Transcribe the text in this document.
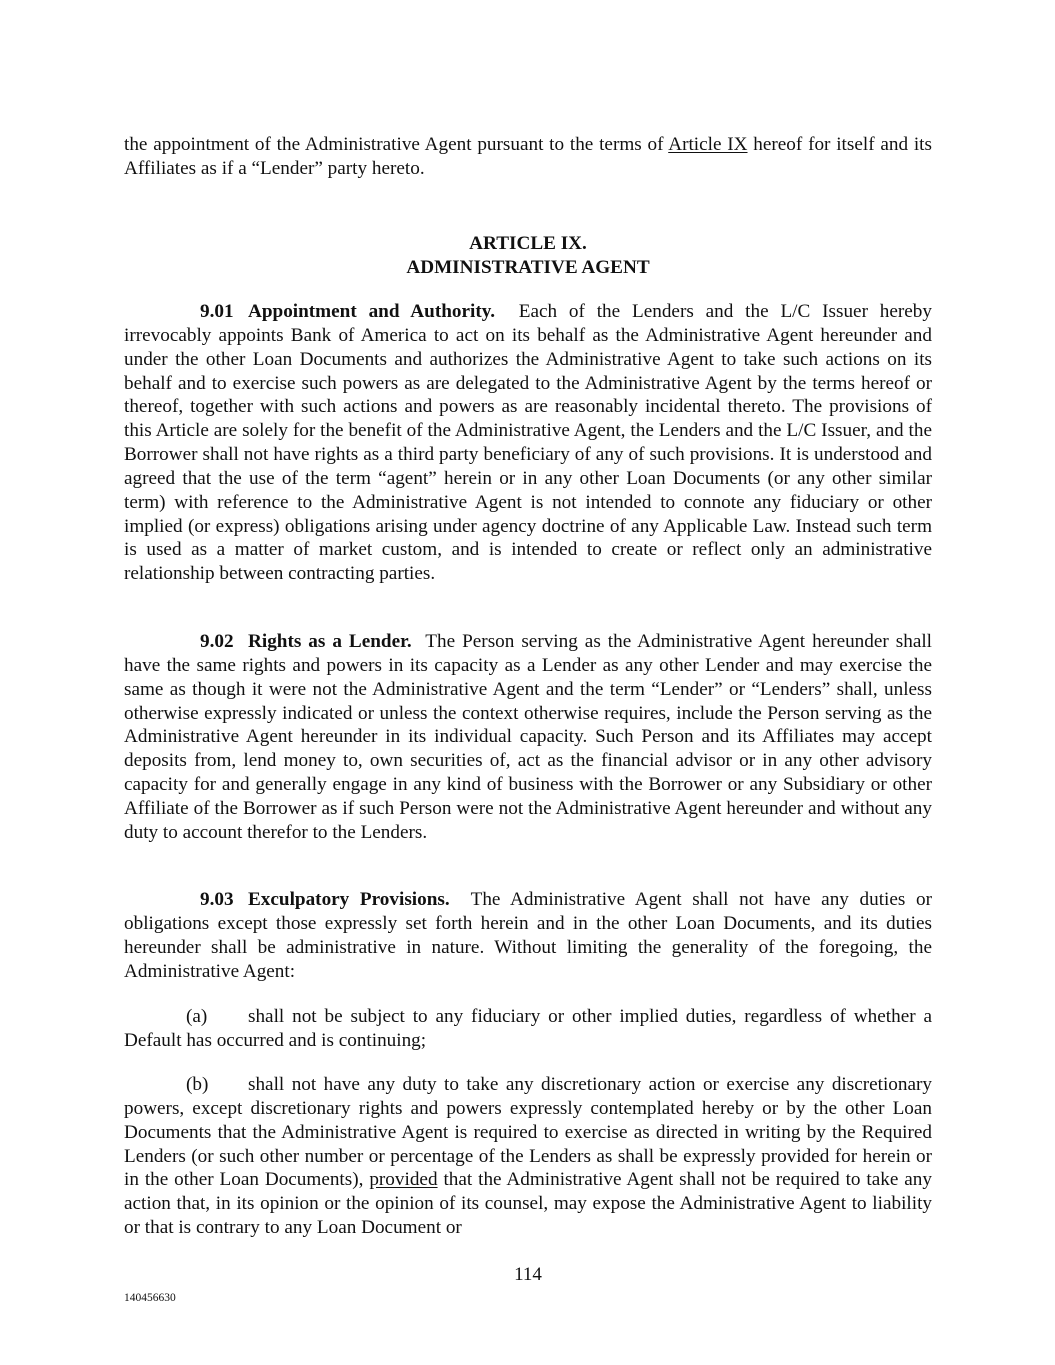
the appointment of the Administrative Agent pursuant to the terms of Article IX hereof for itself and its Affiliates as if a “Lender” party hereto.

ARTICLE IX.
ADMINISTRATIVE AGENT

9.01 Appointment and Authority. Each of the Lenders and the L/C Issuer hereby irrevocably appoints Bank of America to act on its behalf as the Administrative Agent hereunder and under the other Loan Documents and authorizes the Administrative Agent to take such actions on its behalf and to exercise such powers as are delegated to the Administrative Agent by the terms hereof or thereof, together with such actions and powers as are reasonably incidental thereto. The provisions of this Article are solely for the benefit of the Administrative Agent, the Lenders and the L/C Issuer, and the Borrower shall not have rights as a third party beneficiary of any of such provisions. It is understood and agreed that the use of the term “agent” herein or in any other Loan Documents (or any other similar term) with reference to the Administrative Agent is not intended to connote any fiduciary or other implied (or express) obligations arising under agency doctrine of any Applicable Law. Instead such term is used as a matter of market custom, and is intended to create or reflect only an administrative relationship between contracting parties.

9.02 Rights as a Lender. The Person serving as the Administrative Agent hereunder shall have the same rights and powers in its capacity as a Lender as any other Lender and may exercise the same as though it were not the Administrative Agent and the term “Lender” or “Lenders” shall, unless otherwise expressly indicated or unless the context otherwise requires, include the Person serving as the Administrative Agent hereunder in its individual capacity. Such Person and its Affiliates may accept deposits from, lend money to, own securities of, act as the financial advisor or in any other advisory capacity for and generally engage in any kind of business with the Borrower or any Subsidiary or other Affiliate of the Borrower as if such Person were not the Administrative Agent hereunder and without any duty to account therefor to the Lenders.

9.03 Exculpatory Provisions. The Administrative Agent shall not have any duties or obligations except those expressly set forth herein and in the other Loan Documents, and its duties hereunder shall be administrative in nature. Without limiting the generality of the foregoing, the Administrative Agent:

(a) shall not be subject to any fiduciary or other implied duties, regardless of whether a Default has occurred and is continuing;

(b) shall not have any duty to take any discretionary action or exercise any discretionary powers, except discretionary rights and powers expressly contemplated hereby or by the other Loan Documents that the Administrative Agent is required to exercise as directed in writing by the Required Lenders (or such other number or percentage of the Lenders as shall be expressly provided for herein or in the other Loan Documents), provided that the Administrative Agent shall not be required to take any action that, in its opinion or the opinion of its counsel, may expose the Administrative Agent to liability or that is contrary to any Loan Document or

114
140456630
